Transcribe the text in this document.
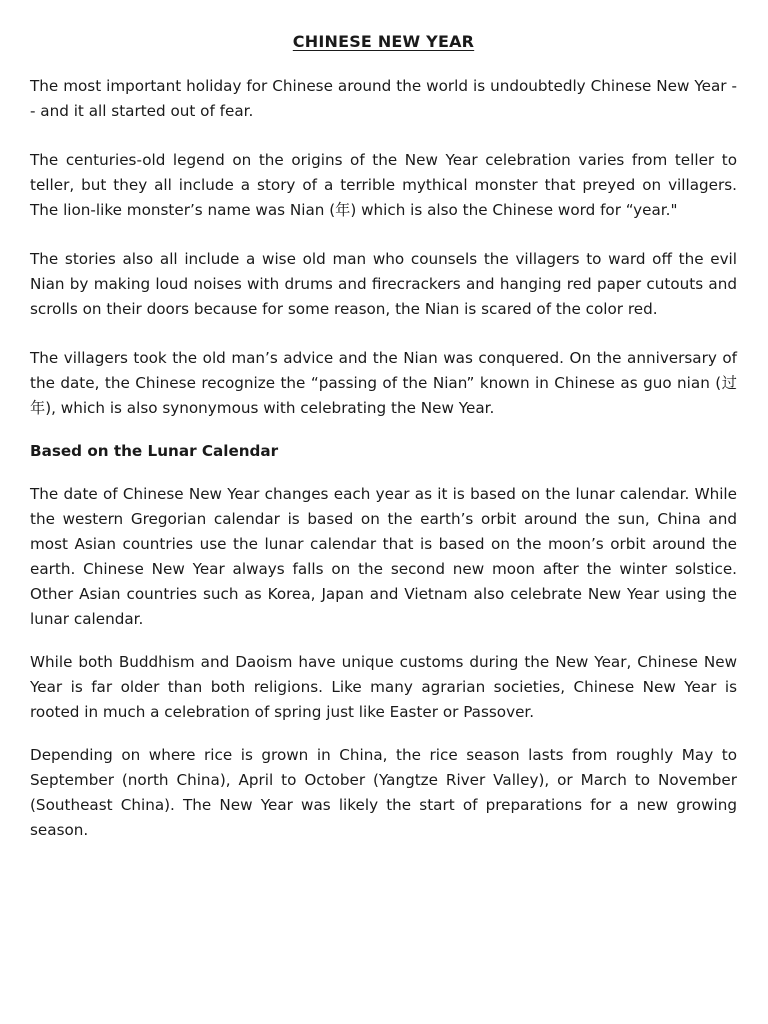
CHINESE NEW YEAR

The most important holiday for Chinese around the world is undoubtedly Chinese New Year -- and it all started out of fear.

The centuries-old legend on the origins of the New Year celebration varies from teller to teller, but they all include a story of a terrible mythical monster that preyed on villagers. The lion-like monster’s name was Nian (年) which is also the Chinese word for “year."

The stories also all include a wise old man who counsels the villagers to ward off the evil Nian by making loud noises with drums and firecrackers and hanging red paper cutouts and scrolls on their doors because for some reason, the Nian is scared of the color red.

The villagers took the old man’s advice and the Nian was conquered. On the anniversary of the date, the Chinese recognize the “passing of the Nian” known in Chinese as guo nian (过年), which is also synonymous with celebrating the New Year.

Based on the Lunar Calendar

The date of Chinese New Year changes each year as it is based on the lunar calendar. While the western Gregorian calendar is based on the earth’s orbit around the sun, China and most Asian countries use the lunar calendar that is based on the moon’s orbit around the earth. Chinese New Year always falls on the second new moon after the winter solstice. Other Asian countries such as Korea, Japan and Vietnam also celebrate New Year using the lunar calendar.

While both Buddhism and Daoism have unique customs during the New Year, Chinese New Year is far older than both religions. Like many agrarian societies, Chinese New Year is rooted in much a celebration of spring just like Easter or Passover.

Depending on where rice is grown in China, the rice season lasts from roughly May to September (north China), April to October (Yangtze River Valley), or March to November (Southeast China). The New Year was likely the start of preparations for a new growing season.
